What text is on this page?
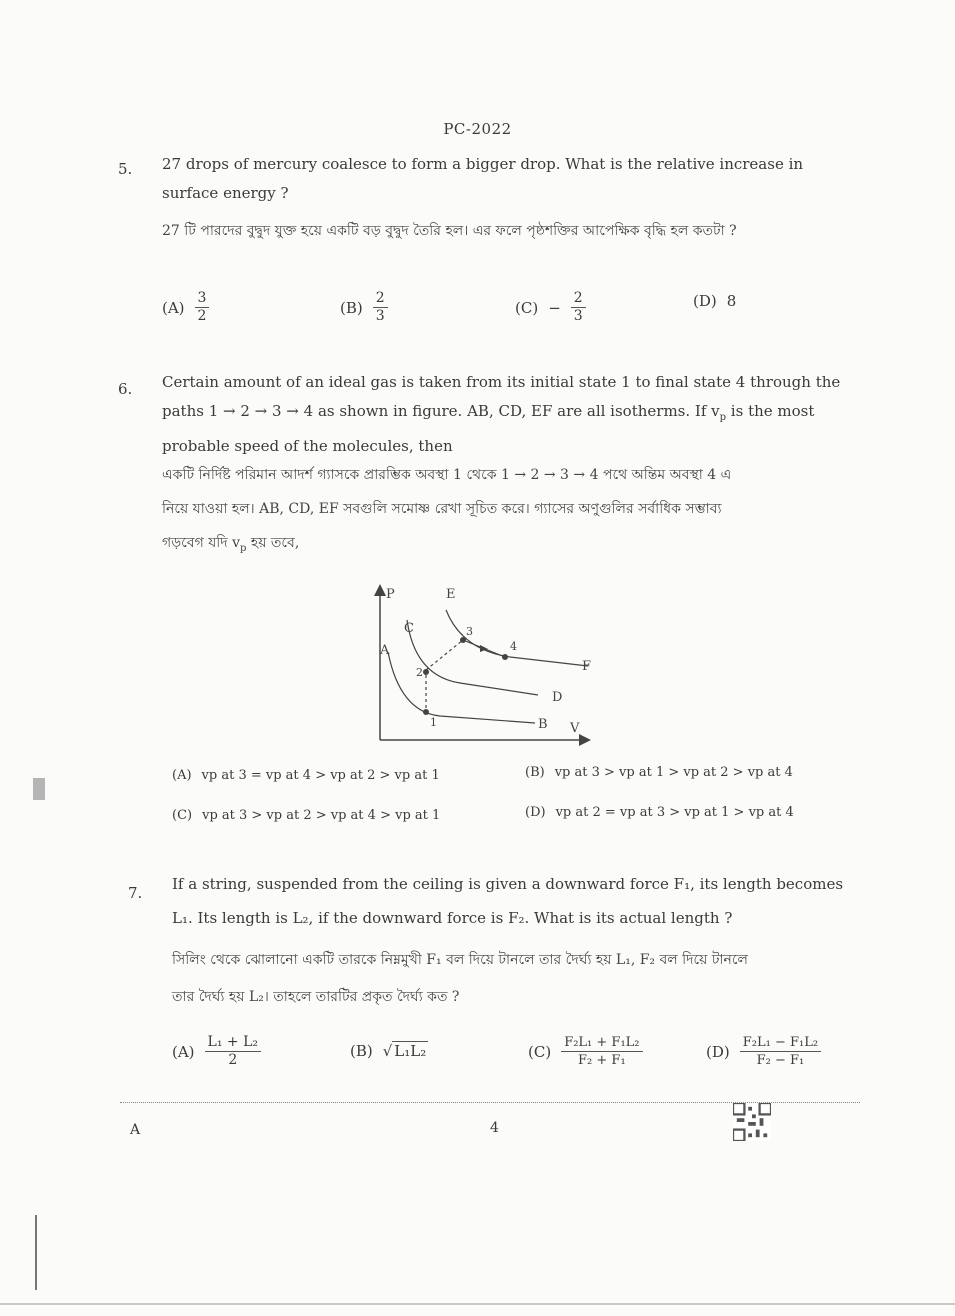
PC-2022
5. 27 drops of mercury coalesce to form a bigger drop. What is the relative increase in surface energy ?
27 টি পারদের বুদ্বুদ যুক্ত হয়ে একটি বড় বুদ্বুদ তৈরি হল। এর ফলে পৃষ্ঠশক্তির আপেক্ষিক বৃদ্ধি হল কতটা ?
$(A) \frac{3}{2}$	$(B) \frac{2}{3}$	$(C) - \frac{2}{3}$	(D) 8
6. Certain amount of an ideal gas is taken from its initial state 1 to final state 4 through the
paths 1 → 2 → 3 → 4 as shown in figure. AB, CD, EF are all isotherms. If $v_p$ is the most
probable speed of the molecules, then
একটি নির্দিষ্ট পরিমান আদর্শ গ্যাসকে প্রারম্ভিক অবস্থা 1 থেকে 1 → 2 → 3 → 4 পথে অন্তিম অবস্থা 4 এ
নিয়ে যাওয়া হল। AB, CD, EF সবগুলি সমোষ্ণ রেখা সূচিত করে। গ্যাসের অণুগুলির সর্বাধিক সম্ভাব্য
গড়বেগ যদি $v_p$ হয় তবে,
P
V
A
B
C
D
E
F
1
2
3
4
(A) vp at 3 = vp at 4 > vp at 2 > vp at 1	(B) vp at 3 > vp at 1 > vp at 2 > vp at 4
(C) vp at 3 > vp at 2 > vp at 4 > vp at 1	(D) vp at 2 = vp at 3 > vp at 1 > vp at 4
7. If a string, suspended from the ceiling is given a downward force F₁, its length becomes
L₁. Its length is L₂, if the downward force is F₂. What is its actual length ?
সিলিং থেকে ঝোলানো একটি তারকে নিম্নমুখী F₁ বল দিয়ে টানলে তার দৈর্ঘ্য হয় L₁, F₂ বল দিয়ে টানলে
তার দৈর্ঘ্য হয় L₂। তাহলে তারটির প্রকৃত দৈর্ঘ্য কত ?
$(A) \frac{\text{L₁ + L₂}}{2}$	(B) √ L₁L₂	$(C) \frac{\text{F₂L₁ + F₁L₂}}{\text{F₂ + F₁}}$	$(D) \frac{\text{F₂L₁ − F₁L₂}}{\text{F₂ − F₁}}$
A	4
